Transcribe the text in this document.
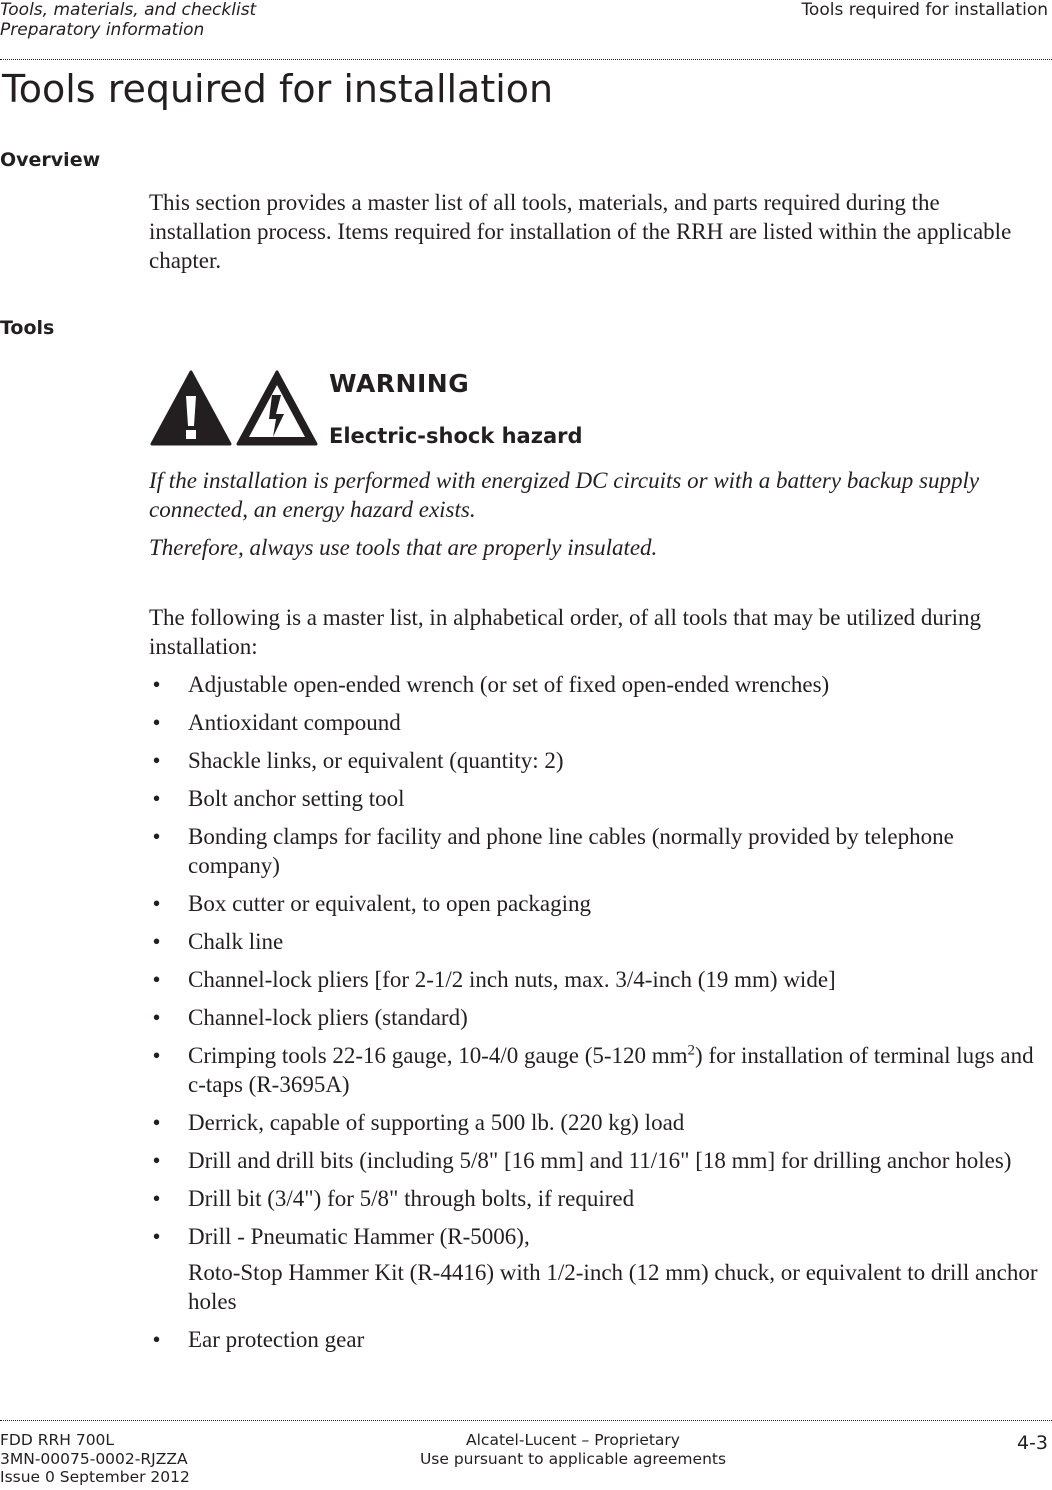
Tools, materials, and checklist
Preparatory information
Tools required for installation
Tools required for installation
Overview

This section provides a master list of all tools, materials, and parts required during the installation process. Items required for installation of the RRH are listed within the applicable chapter.

Tools
WARNING
Electric-shock hazard

If the installation is performed with energized DC circuits or with a battery backup supply connected, an energy hazard exists.

Therefore, always use tools that are properly insulated.

The following is a master list, in alphabetical order, of all tools that may be utilized during installation:

• Adjustable open-ended wrench (or set of fixed open-ended wrenches)
• Antioxidant compound
• Shackle links, or equivalent (quantity: 2)
• Bolt anchor setting tool
• Bonding clamps for facility and phone line cables (normally provided by telephone company)
• Box cutter or equivalent, to open packaging
• Chalk line
• Channel-lock pliers [for 2-1/2 inch nuts, max. 3/4-inch (19 mm) wide]
• Channel-lock pliers (standard)
• Crimping tools 22-16 gauge, 10-4/0 gauge (5-120 $mm^2$) for installation of terminal lugs and c-taps (R-3695A)
• Derrick, capable of supporting a 500 lb. (220 kg) load
• Drill and drill bits (including 5/8" [16 mm] and 11/16" [18 mm] for drilling anchor holes)
• Drill bit (3/4") for 5/8" through bolts, if required
• Drill - Pneumatic Hammer (R-5006),
Roto-Stop Hammer Kit (R-4416) with 1/2-inch (12 mm) chuck, or equivalent to drill anchor holes
• Ear protection gear
FDD RRH 700L
3MN-00075-0002-RJZZA
Issue 0 September 2012
Alcatel-Lucent – Proprietary
Use pursuant to applicable agreements
4-3
